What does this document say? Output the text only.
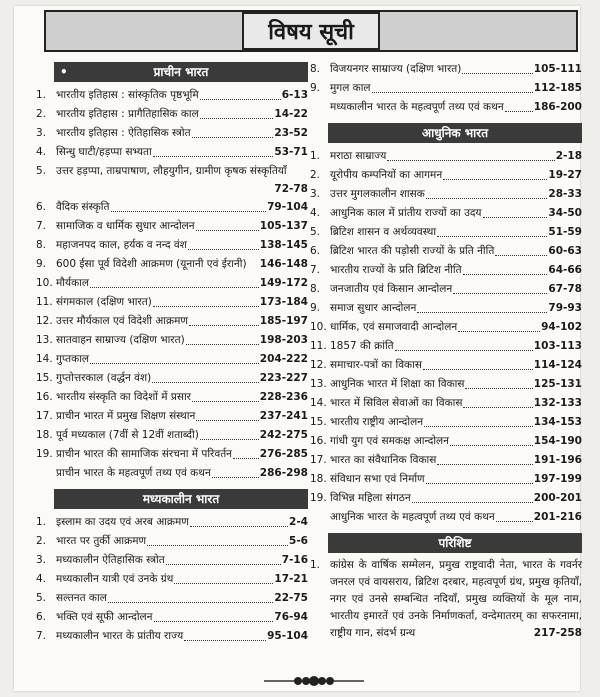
विषय सूची
•	प्राचीन भारत
1. भारतीय इतिहास : सांस्कृतिक पृष्ठभूमि	6-13
2. भारतीय इतिहास : प्रागैतिहासिक काल	14-22
3. भारतीय इतिहास : ऐतिहासिक स्त्रोत	23-52
4. सिन्धु घाटी/हड़प्पा सभ्यता	53-71
5. उत्तर हड़प्पा, ताम्रपाषाण, लौहयुगीन, ग्रामीण कृषक संस्कृतियाँ
72-78
6. वैदिक संस्कृति	79-104
7. सामाजिक व धार्मिक सुधार आन्दोलन	105-137
8. महाजनपद काल, हर्यक व नन्द वंश	138-145
9. 600 ईसा पूर्व विदेशी आक्रमण (यूनानी एवं ईरानी) 146-148
10. मौर्यकाल	149-172
11. संगमकाल (दक्षिण भारत)	173-184
12. उत्तर मौर्यकाल एवं विदेशी आक्रमण	185-197
13. सातवाहन साम्राज्य (दक्षिण भारत)	198-203
14. गुप्तकाल	204-222
15. गुप्तोत्तरकाल (वर्द्धन वंश)	223-227
16. भारतीय संस्कृति का विदेशों में प्रसार	228-236
17. प्राचीन भारत में प्रमुख शिक्षण संस्थान	237-241
18. पूर्व मध्यकाल (7वीं से 12वीं शताब्दी)	242-275
19. प्राचीन भारत की सामाजिक संरचना में परिवर्तन	276-285
प्राचीन भारत के महत्वपूर्ण तथ्य एवं कथन	286-298
मध्यकालीन भारत
1. इस्लाम का उदय एवं अरब आक्रमण	2-4
2. भारत पर तुर्की आक्रमण	5-6
3. मध्यकालीन ऐतिहासिक स्त्रोत	7-16
4. मध्यकालीन यात्री एवं उनके ग्रंथ	17-21
5. सल्तनत काल	22-75
6. भक्ति एवं सूफी आन्दोलन	76-94
7. मध्यकालीन भारत के प्रांतीय राज्य	95-104
8. विजयनगर साम्राज्य (दक्षिण भारत)	105-111
9. मुगल काल	112-185
मध्यकालीन भारत के महत्वपूर्ण तथ्य एवं कथन	186-200
आधुनिक भारत
1. मराठा साम्राज्य	2-18
2. यूरोपीय कम्पनियों का आगमन	19-27
3. उत्तर मुगलकालीन शासक	28-33
4. आधुनिक काल में प्रांतीय राज्यों का उदय	34-50
5. ब्रिटिश शासन व अर्थव्यवस्था	51-59
6. ब्रिटिश भारत की पड़ोसी राज्यों के प्रति नीति	60-63
7. भारतीय राज्यों के प्रति ब्रिटिश नीति	64-66
8. जनजातीय एवं किसान आन्दोलन	67-78
9. समाज सुधार आन्दोलन	79-93
10. धार्मिक, एवं समाजवादी आन्दोलन	94-102
11. 1857 की क्रांति	103-113
12. समाचार-पत्रों का विकास	114-124
13. आधुनिक भारत में शिक्षा का विकास	125-131
14. भारत में सिविल सेवाओं का विकास	132-133
15. भारतीय राष्ट्रीय आन्दोलन	134-153
16. गांधी युग एवं समकक्ष आन्दोलन	154-190
17. भारत का संवैधानिक विकास	191-196
18. संविधान सभा एवं निर्माण	197-199
19. विभिन्न महिला संगठन	200-201
आधुनिक भारत के महत्वपूर्ण तथ्य एवं कथन	201-216
परिशिष्ट
1. कांग्रेस के वार्षिक सम्मेलन, प्रमुख राष्ट्रवादी नेता, भारत के गवर्नर जनरल एवं वायसराय, ब्रिटिश दरबार, महत्वपूर्ण ग्रंथ, प्रमुख कृतियाँ, नगर एवं उनसे सम्बन्धित नदियाँ, प्रमुख व्यक्तियों के मूल नाम, भारतीय इमारतें एवं उनके निर्माणकर्ता, वन्देमातरम् का सफरनामा, राष्ट्रीय गान, संदर्भ ग्रन्थ	217-258
